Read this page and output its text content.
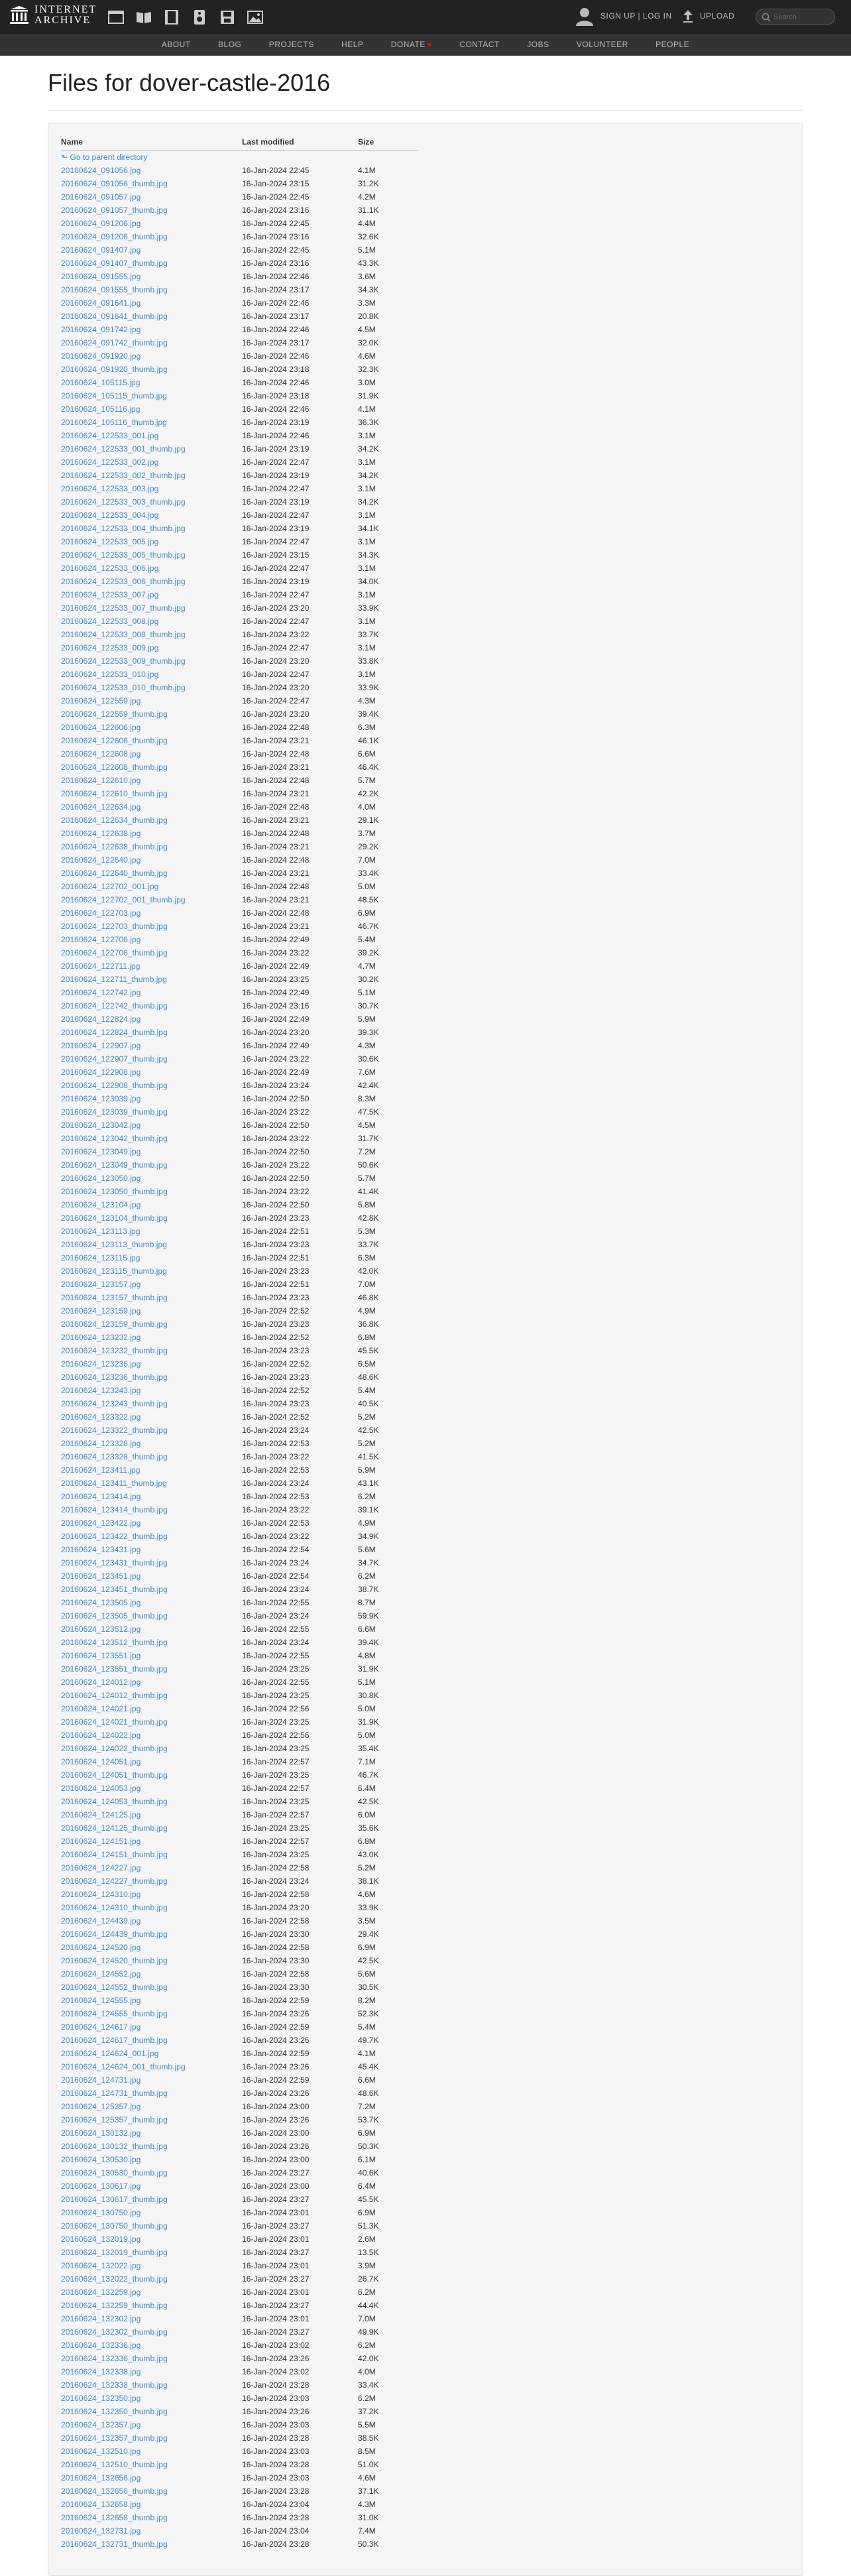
INTERNET
ARCHIVE	SIGN UP | LOG IN	UPLOAD	Search
ABOUT	BLOG	PROJECTS	HELP	DONATE ♥	CONTACT	JOBS	VOLUNTEER	PEOPLE
Files for dover-castle-2016
Name	Last modified	Size
⬑︎ Go to parent directory		
20160624_091056.jpg	16-Jan-2024 22:45	4.1M
20160624_091056_thumb.jpg	16-Jan-2024 23:15	31.2K
20160624_091057.jpg	16-Jan-2024 22:45	4.2M
20160624_091057_thumb.jpg	16-Jan-2024 23:16	31.1K
20160624_091206.jpg	16-Jan-2024 22:45	4.4M
20160624_091206_thumb.jpg	16-Jan-2024 23:16	32.6K
20160624_091407.jpg	16-Jan-2024 22:45	5.1M
20160624_091407_thumb.jpg	16-Jan-2024 23:16	43.3K
20160624_091555.jpg	16-Jan-2024 22:46	3.6M
20160624_091555_thumb.jpg	16-Jan-2024 23:17	34.3K
20160624_091641.jpg	16-Jan-2024 22:46	3.3M
20160624_091641_thumb.jpg	16-Jan-2024 23:17	20.8K
20160624_091742.jpg	16-Jan-2024 22:46	4.5M
20160624_091742_thumb.jpg	16-Jan-2024 23:17	32.0K
20160624_091920.jpg	16-Jan-2024 22:46	4.6M
20160624_091920_thumb.jpg	16-Jan-2024 23:18	32.3K
20160624_105115.jpg	16-Jan-2024 22:46	3.0M
20160624_105115_thumb.jpg	16-Jan-2024 23:18	31.9K
20160624_105116.jpg	16-Jan-2024 22:46	4.1M
20160624_105116_thumb.jpg	16-Jan-2024 23:19	36.3K
20160624_122533_001.jpg	16-Jan-2024 22:46	3.1M
20160624_122533_001_thumb.jpg	16-Jan-2024 23:19	34.2K
20160624_122533_002.jpg	16-Jan-2024 22:47	3.1M
20160624_122533_002_thumb.jpg	16-Jan-2024 23:19	34.2K
20160624_122533_003.jpg	16-Jan-2024 22:47	3.1M
20160624_122533_003_thumb.jpg	16-Jan-2024 23:19	34.2K
20160624_122533_004.jpg	16-Jan-2024 22:47	3.1M
20160624_122533_004_thumb.jpg	16-Jan-2024 23:19	34.1K
20160624_122533_005.jpg	16-Jan-2024 22:47	3.1M
20160624_122533_005_thumb.jpg	16-Jan-2024 23:15	34.3K
20160624_122533_006.jpg	16-Jan-2024 22:47	3.1M
20160624_122533_006_thumb.jpg	16-Jan-2024 23:19	34.0K
20160624_122533_007.jpg	16-Jan-2024 22:47	3.1M
20160624_122533_007_thumb.jpg	16-Jan-2024 23:20	33.9K
20160624_122533_008.jpg	16-Jan-2024 22:47	3.1M
20160624_122533_008_thumb.jpg	16-Jan-2024 23:22	33.7K
20160624_122533_009.jpg	16-Jan-2024 22:47	3.1M
20160624_122533_009_thumb.jpg	16-Jan-2024 23:20	33.8K
20160624_122533_010.jpg	16-Jan-2024 22:47	3.1M
20160624_122533_010_thumb.jpg	16-Jan-2024 23:20	33.9K
20160624_122559.jpg	16-Jan-2024 22:47	4.3M
20160624_122559_thumb.jpg	16-Jan-2024 23:20	39.4K
20160624_122606.jpg	16-Jan-2024 22:48	6.3M
20160624_122606_thumb.jpg	16-Jan-2024 23:21	46.1K
20160624_122608.jpg	16-Jan-2024 22:48	6.6M
20160624_122608_thumb.jpg	16-Jan-2024 23:21	46.4K
20160624_122610.jpg	16-Jan-2024 22:48	5.7M
20160624_122610_thumb.jpg	16-Jan-2024 23:21	42.2K
20160624_122634.jpg	16-Jan-2024 22:48	4.0M
20160624_122634_thumb.jpg	16-Jan-2024 23:21	29.1K
20160624_122638.jpg	16-Jan-2024 22:48	3.7M
20160624_122638_thumb.jpg	16-Jan-2024 23:21	29.2K
20160624_122640.jpg	16-Jan-2024 22:48	7.0M
20160624_122640_thumb.jpg	16-Jan-2024 23:21	33.4K
20160624_122702_001.jpg	16-Jan-2024 22:48	5.0M
20160624_122702_001_thumb.jpg	16-Jan-2024 23:21	48.5K
20160624_122703.jpg	16-Jan-2024 22:48	6.9M
20160624_122703_thumb.jpg	16-Jan-2024 23:21	46.7K
20160624_122706.jpg	16-Jan-2024 22:49	5.4M
20160624_122706_thumb.jpg	16-Jan-2024 23:22	39.2K
20160624_122711.jpg	16-Jan-2024 22:49	4.7M
20160624_122711_thumb.jpg	16-Jan-2024 23:25	30.2K
20160624_122742.jpg	16-Jan-2024 22:49	5.1M
20160624_122742_thumb.jpg	16-Jan-2024 23:16	30.7K
20160624_122824.jpg	16-Jan-2024 22:49	5.9M
20160624_122824_thumb.jpg	16-Jan-2024 23:20	39.3K
20160624_122907.jpg	16-Jan-2024 22:49	4.3M
20160624_122907_thumb.jpg	16-Jan-2024 23:22	30.6K
20160624_122908.jpg	16-Jan-2024 22:49	7.6M
20160624_122908_thumb.jpg	16-Jan-2024 23:24	42.4K
20160624_123039.jpg	16-Jan-2024 22:50	8.3M
20160624_123039_thumb.jpg	16-Jan-2024 23:22	47.5K
20160624_123042.jpg	16-Jan-2024 22:50	4.5M
20160624_123042_thumb.jpg	16-Jan-2024 23:22	31.7K
20160624_123049.jpg	16-Jan-2024 22:50	7.2M
20160624_123049_thumb.jpg	16-Jan-2024 23:22	50.6K
20160624_123050.jpg	16-Jan-2024 22:50	5.7M
20160624_123050_thumb.jpg	16-Jan-2024 23:22	41.4K
20160624_123104.jpg	16-Jan-2024 22:50	5.8M
20160624_123104_thumb.jpg	16-Jan-2024 23:23	42.8K
20160624_123113.jpg	16-Jan-2024 22:51	5.3M
20160624_123113_thumb.jpg	16-Jan-2024 23:23	33.7K
20160624_123115.jpg	16-Jan-2024 22:51	6.3M
20160624_123115_thumb.jpg	16-Jan-2024 23:23	42.0K
20160624_123157.jpg	16-Jan-2024 22:51	7.0M
20160624_123157_thumb.jpg	16-Jan-2024 23:23	46.8K
20160624_123159.jpg	16-Jan-2024 22:52	4.9M
20160624_123159_thumb.jpg	16-Jan-2024 23:23	36.8K
20160624_123232.jpg	16-Jan-2024 22:52	6.8M
20160624_123232_thumb.jpg	16-Jan-2024 23:23	45.5K
20160624_123236.jpg	16-Jan-2024 22:52	6.5M
20160624_123236_thumb.jpg	16-Jan-2024 23:23	48.6K
20160624_123243.jpg	16-Jan-2024 22:52	5.4M
20160624_123243_thumb.jpg	16-Jan-2024 23:23	40.5K
20160624_123322.jpg	16-Jan-2024 22:52	5.2M
20160624_123322_thumb.jpg	16-Jan-2024 23:24	42.5K
20160624_123328.jpg	16-Jan-2024 22:53	5.2M
20160624_123328_thumb.jpg	16-Jan-2024 23:22	41.5K
20160624_123411.jpg	16-Jan-2024 22:53	5.9M
20160624_123411_thumb.jpg	16-Jan-2024 23:24	43.1K
20160624_123414.jpg	16-Jan-2024 22:53	6.2M
20160624_123414_thumb.jpg	16-Jan-2024 23:22	39.1K
20160624_123422.jpg	16-Jan-2024 22:53	4.9M
20160624_123422_thumb.jpg	16-Jan-2024 23:22	34.9K
20160624_123431.jpg	16-Jan-2024 22:54	5.6M
20160624_123431_thumb.jpg	16-Jan-2024 23:24	34.7K
20160624_123451.jpg	16-Jan-2024 22:54	6.2M
20160624_123451_thumb.jpg	16-Jan-2024 23:24	38.7K
20160624_123505.jpg	16-Jan-2024 22:55	8.7M
20160624_123505_thumb.jpg	16-Jan-2024 23:24	59.9K
20160624_123512.jpg	16-Jan-2024 22:55	6.6M
20160624_123512_thumb.jpg	16-Jan-2024 23:24	39.4K
20160624_123551.jpg	16-Jan-2024 22:55	4.8M
20160624_123551_thumb.jpg	16-Jan-2024 23:25	31.9K
20160624_124012.jpg	16-Jan-2024 22:55	5.1M
20160624_124012_thumb.jpg	16-Jan-2024 23:25	30.8K
20160624_124021.jpg	16-Jan-2024 22:56	5.0M
20160624_124021_thumb.jpg	16-Jan-2024 23:25	31.9K
20160624_124022.jpg	16-Jan-2024 22:56	5.0M
20160624_124022_thumb.jpg	16-Jan-2024 23:25	35.4K
20160624_124051.jpg	16-Jan-2024 22:57	7.1M
20160624_124051_thumb.jpg	16-Jan-2024 23:25	46.7K
20160624_124053.jpg	16-Jan-2024 22:57	6.4M
20160624_124053_thumb.jpg	16-Jan-2024 23:25	42.5K
20160624_124125.jpg	16-Jan-2024 22:57	6.0M
20160624_124125_thumb.jpg	16-Jan-2024 23:25	35.6K
20160624_124151.jpg	16-Jan-2024 22:57	6.8M
20160624_124151_thumb.jpg	16-Jan-2024 23:25	43.0K
20160624_124227.jpg	16-Jan-2024 22:58	5.2M
20160624_124227_thumb.jpg	16-Jan-2024 23:24	38.1K
20160624_124310.jpg	16-Jan-2024 22:58	4.6M
20160624_124310_thumb.jpg	16-Jan-2024 23:20	33.9K
20160624_124439.jpg	16-Jan-2024 22:58	3.5M
20160624_124439_thumb.jpg	16-Jan-2024 23:30	29.4K
20160624_124520.jpg	16-Jan-2024 22:58	6.9M
20160624_124520_thumb.jpg	16-Jan-2024 23:30	42.5K
20160624_124552.jpg	16-Jan-2024 22:58	5.6M
20160624_124552_thumb.jpg	16-Jan-2024 23:30	30.5K
20160624_124555.jpg	16-Jan-2024 22:59	8.2M
20160624_124555_thumb.jpg	16-Jan-2024 23:26	52.3K
20160624_124617.jpg	16-Jan-2024 22:59	5.4M
20160624_124617_thumb.jpg	16-Jan-2024 23:26	49.7K
20160624_124624_001.jpg	16-Jan-2024 22:59	4.1M
20160624_124624_001_thumb.jpg	16-Jan-2024 23:26	45.4K
20160624_124731.jpg	16-Jan-2024 22:59	6.6M
20160624_124731_thumb.jpg	16-Jan-2024 23:26	48.6K
20160624_125357.jpg	16-Jan-2024 23:00	7.2M
20160624_125357_thumb.jpg	16-Jan-2024 23:26	53.7K
20160624_130132.jpg	16-Jan-2024 23:00	6.9M
20160624_130132_thumb.jpg	16-Jan-2024 23:26	50.3K
20160624_130530.jpg	16-Jan-2024 23:00	6.1M
20160624_130530_thumb.jpg	16-Jan-2024 23:27	40.6K
20160624_130617.jpg	16-Jan-2024 23:00	6.4M
20160624_130617_thumb.jpg	16-Jan-2024 23:27	45.5K
20160624_130750.jpg	16-Jan-2024 23:01	6.9M
20160624_130750_thumb.jpg	16-Jan-2024 23:27	51.3K
20160624_132019.jpg	16-Jan-2024 23:01	2.6M
20160624_132019_thumb.jpg	16-Jan-2024 23:27	13.5K
20160624_132022.jpg	16-Jan-2024 23:01	3.9M
20160624_132022_thumb.jpg	16-Jan-2024 23:27	26.7K
20160624_132259.jpg	16-Jan-2024 23:01	6.2M
20160624_132259_thumb.jpg	16-Jan-2024 23:27	44.4K
20160624_132302.jpg	16-Jan-2024 23:01	7.0M
20160624_132302_thumb.jpg	16-Jan-2024 23:27	49.9K
20160624_132336.jpg	16-Jan-2024 23:02	6.2M
20160624_132336_thumb.jpg	16-Jan-2024 23:26	42.0K
20160624_132338.jpg	16-Jan-2024 23:02	4.0M
20160624_132338_thumb.jpg	16-Jan-2024 23:28	33.4K
20160624_132350.jpg	16-Jan-2024 23:03	6.2M
20160624_132350_thumb.jpg	16-Jan-2024 23:26	37.2K
20160624_132357.jpg	16-Jan-2024 23:03	5.5M
20160624_132357_thumb.jpg	16-Jan-2024 23:28	38.5K
20160624_132510.jpg	16-Jan-2024 23:03	8.5M
20160624_132510_thumb.jpg	16-Jan-2024 23:28	51.0K
20160624_132656.jpg	16-Jan-2024 23:03	4.6M
20160624_132656_thumb.jpg	16-Jan-2024 23:28	37.1K
20160624_132658.jpg	16-Jan-2024 23:04	4.3M
20160624_132658_thumb.jpg	16-Jan-2024 23:28	31.0K
20160624_132731.jpg	16-Jan-2024 23:04	7.4M
20160624_132731_thumb.jpg	16-Jan-2024 23:28	50.3K
